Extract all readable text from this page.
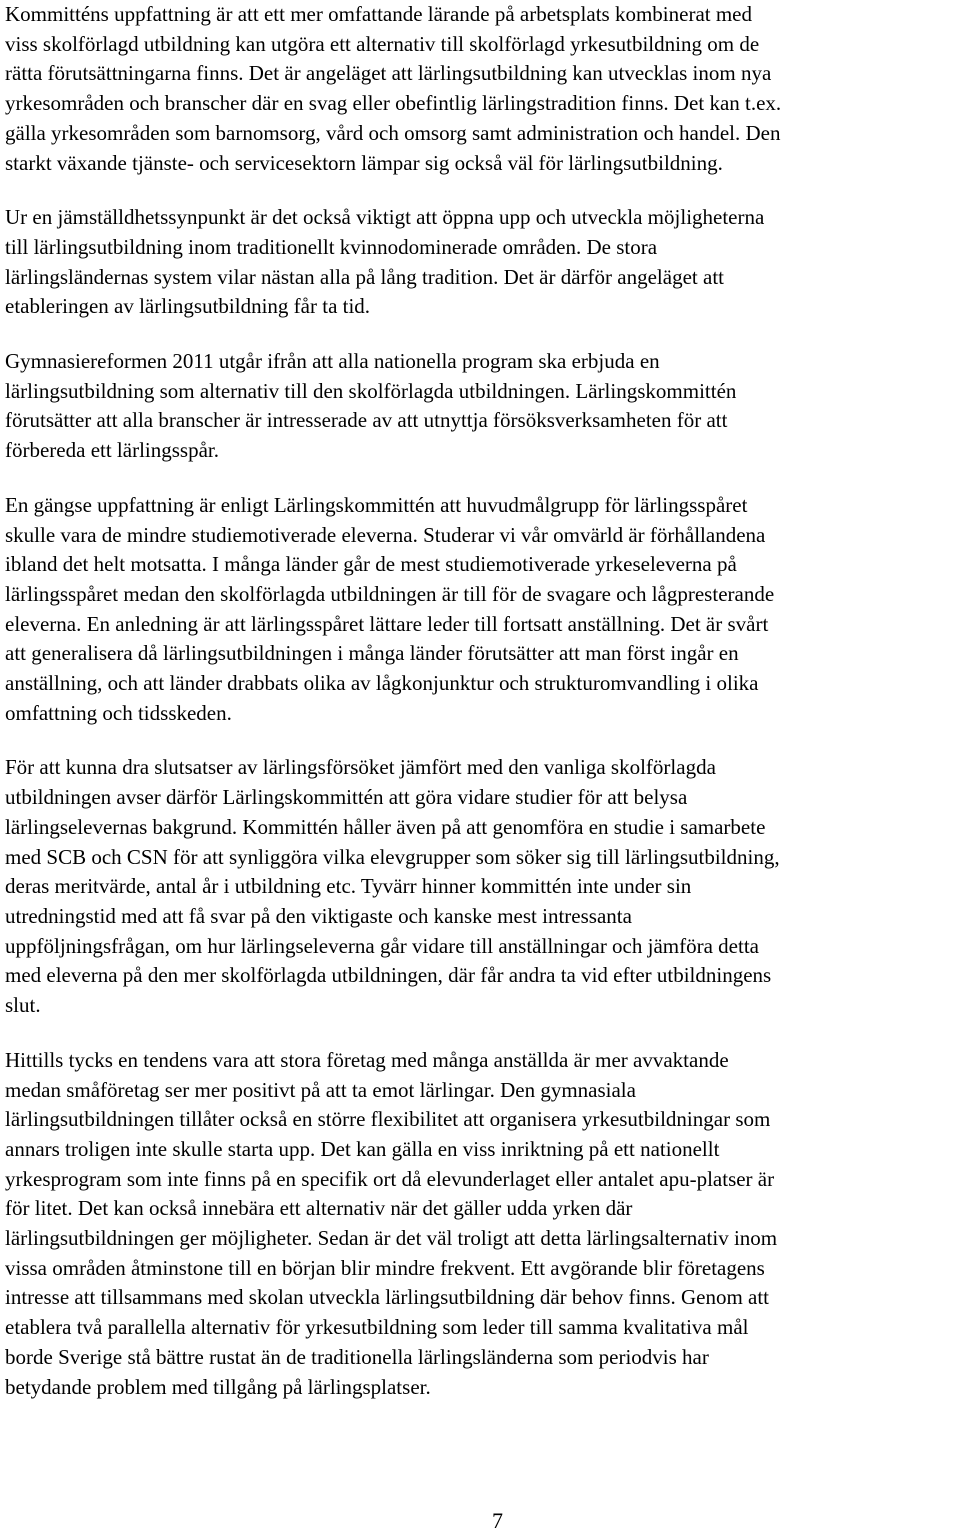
Kommitténs uppfattning är att ett mer omfattande lärande på arbetsplats kombinerat med
viss skolförlagd utbildning kan utgöra ett alternativ till skolförlagd yrkesutbildning om de
rätta förutsättningarna finns. Det är angeläget att lärlingsutbildning kan utvecklas inom nya
yrkesområden och branscher där en svag eller obefintlig lärlingstradition finns. Det kan t.ex.
gälla yrkesområden som barnomsorg, vård och omsorg samt administration och handel. Den
starkt växande tjänste- och servicesektorn lämpar sig också väl för lärlingsutbildning.
Ur en jämställdhetssynpunkt är det också viktigt att öppna upp och utveckla möjligheterna
till lärlingsutbildning inom traditionellt kvinnodominerade områden. De stora
lärlingsländernas system vilar nästan alla på lång tradition. Det är därför angeläget att
etableringen av lärlingsutbildning får ta tid.
Gymnasiereformen 2011 utgår ifrån att alla nationella program ska erbjuda en
lärlingsutbildning som alternativ till den skolförlagda utbildningen. Lärlingskommittén
förutsätter att alla branscher är intresserade av att utnyttja försöksverksamheten för att
förbereda ett lärlingsspår.
En gängse uppfattning är enligt Lärlingskommittén att huvudmålgrupp för lärlingsspåret
skulle vara de mindre studiemotiverade eleverna. Studerar vi vår omvärld är förhållandena
ibland det helt motsatta. I många länder går de mest studiemotiverade yrkeseleverna på
lärlingsspåret medan den skolförlagda utbildningen är till för de svagare och lågpresterande
eleverna. En anledning är att lärlingsspåret lättare leder till fortsatt anställning. Det är svårt
att generalisera då lärlingsutbildningen i många länder förutsätter att man först ingår en
anställning, och att länder drabbats olika av lågkonjunktur och strukturomvandling i olika
omfattning och tidsskeden.
För att kunna dra slutsatser av lärlingsförsöket jämfört med den vanliga skolförlagda
utbildningen avser därför Lärlingskommittén att göra vidare studier för att belysa
lärlingselevernas bakgrund. Kommittén håller även på att genomföra en studie i samarbete
med SCB och CSN för att synliggöra vilka elevgrupper som söker sig till lärlingsutbildning,
deras meritvärde, antal år i utbildning etc. Tyvärr hinner kommittén inte under sin
utredningstid med att få svar på den viktigaste och kanske mest intressanta
uppföljningsfrågan, om hur lärlingseleverna går vidare till anställningar och jämföra detta
med eleverna på den mer skolförlagda utbildningen, där får andra ta vid efter utbildningens
slut.
Hittills tycks en tendens vara att stora företag med många anställda är mer avvaktande
medan småföretag ser mer positivt på att ta emot lärlingar. Den gymnasiala
lärlingsutbildningen tillåter också en större flexibilitet att organisera yrkesutbildningar som
annars troligen inte skulle starta upp. Det kan gälla en viss inriktning på ett nationellt
yrkesprogram som inte finns på en specifik ort då elevunderlaget eller antalet apu-platser är
för litet. Det kan också innebära ett alternativ när det gäller udda yrken där
lärlingsutbildningen ger möjligheter. Sedan är det väl troligt att detta lärlingsalternativ inom
vissa områden åtminstone till en början blir mindre frekvent. Ett avgörande blir företagens
intresse att tillsammans med skolan utveckla lärlingsutbildning där behov finns. Genom att
etablera två parallella alternativ för yrkesutbildning som leder till samma kvalitativa mål
borde Sverige stå bättre rustat än de traditionella lärlingsländerna som periodvis har
betydande problem med tillgång på lärlingsplatser.
7
